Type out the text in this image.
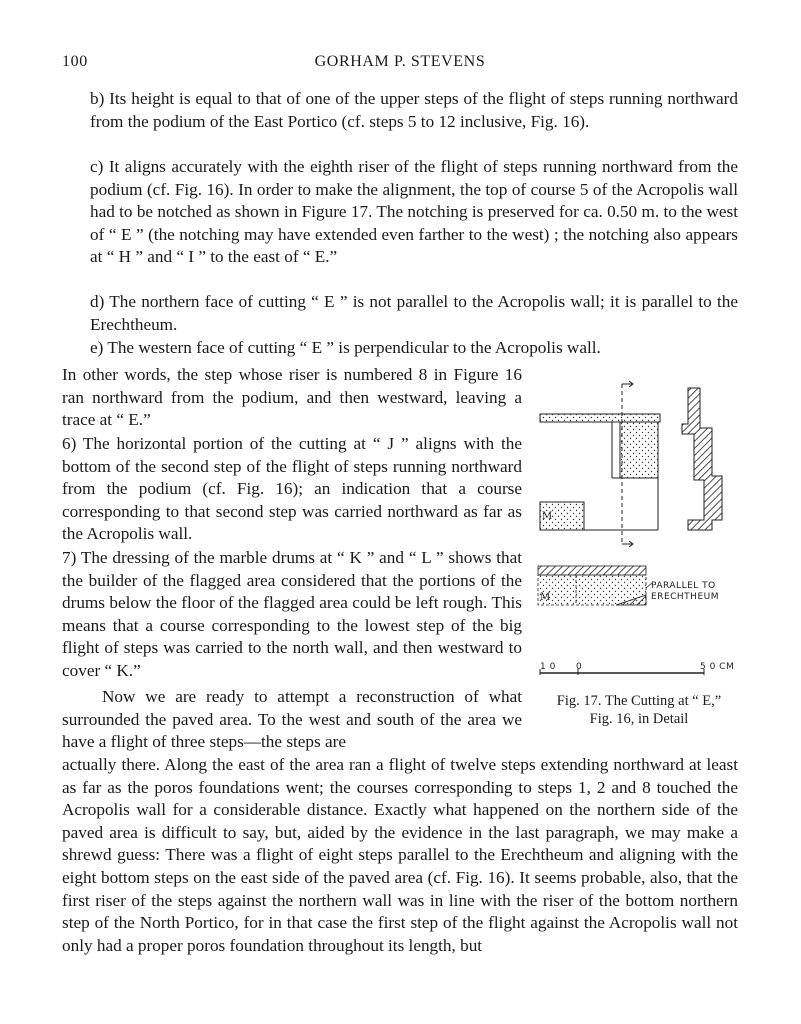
100	GORHAM P. STEVENS

b) Its height is equal to that of one of the upper steps of the flight of steps running northward from the podium of the East Portico (cf. steps 5 to 12 inclusive, Fig. 16).

c) It aligns accurately with the eighth riser of the flight of steps running northward from the podium (cf. Fig. 16). In order to make the alignment, the top of course 5 of the Acropolis wall had to be notched as shown in Figure 17. The notching is preserved for ca. 0.50 m. to the west of “ E ” (the notching may have extended even farther to the west) ; the notching also appears at “ H ” and “ I ” to the east of “ E.”

d) The northern face of cutting “ E ” is not parallel to the Acropolis wall; it is parallel to the Erechtheum.

e) The western face of cutting “ E ” is perpendicular to the Acropolis wall.

In other words, the step whose riser is numbered 8 in Figure 16 ran northward from the podium, and then westward, leaving a trace at “ E.”

6) The horizontal portion of the cutting at “ J ” aligns with the bottom of the second step of the flight of steps running northward from the podium (cf. Fig. 16); an indication that a course corresponding to that second step was carried northward as far as the Acropolis wall.

7) The dressing of the marble drums at “ K ” and “ L ” shows that the builder of the flagged area considered that the portions of the drums below the floor of the flagged area could be left rough. This means that a course corresponding to the lowest step of the big flight of steps was carried to the north wall, and then westward to cover “ K.”

Now we are ready to attempt a reconstruction of what surrounded the paved area. To the west and south of the area we have a flight of three steps—the steps are

actually there. Along the east of the area ran a flight of twelve steps extending northward at least as far as the poros foundations went; the courses corresponding to steps 1, 2 and 8 touched the Acropolis wall for a considerable distance. Exactly what happened on the northern side of the paved area is difficult to say, but, aided by the evidence in the last paragraph, we may make a shrewd guess: There was a flight of eight steps parallel to the Erechtheum and aligning with the eight bottom steps on the east side of the paved area (cf. Fig. 16). It seems probable, also, that the first riser of the steps against the northern wall was in line with the riser of the bottom northern step of the North Portico, for in that case the first step of the flight against the Acropolis wall not only had a proper poros foundation throughout its length, but

M
M
PARALLEL TO
ERECHTHEUM
1 0 0	5 0 CM
Fig. 17. The Cutting at “ E,”
Fig. 16, in Detail
